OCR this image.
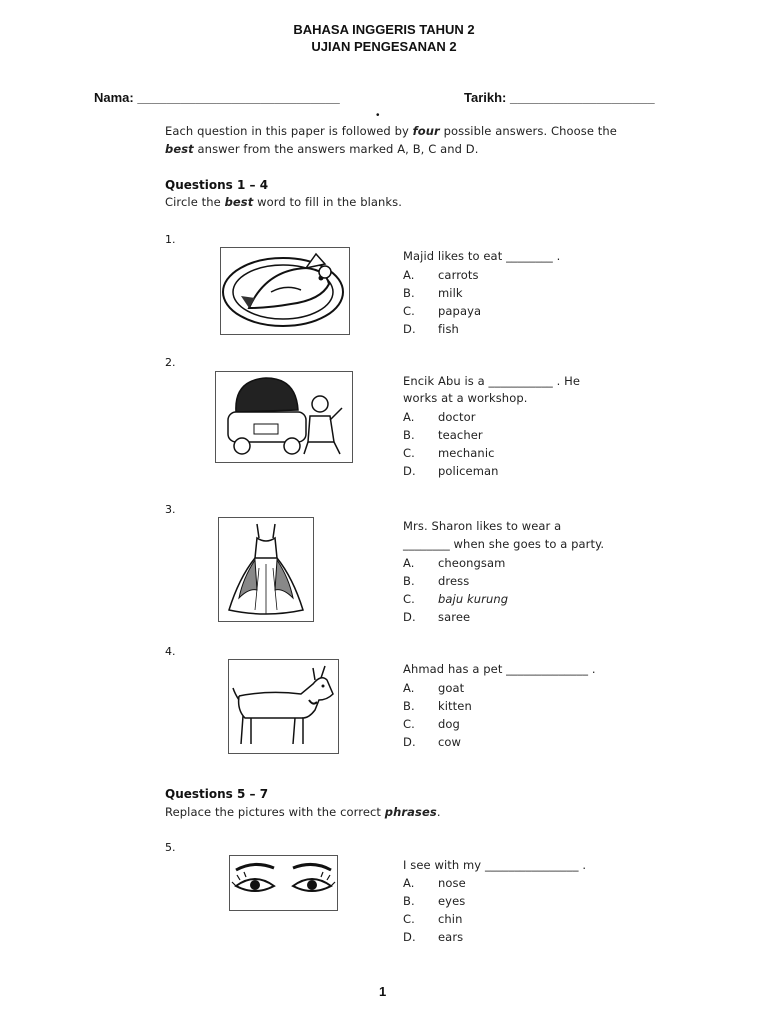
BAHASA INGGERIS TAHUN 2
UJIAN PENGESANAN 2
Nama: ____________________________	Tarikh: ____________________
•
Each question in this paper is followed by four possible answers. Choose the
best answer from the answers marked A, B, C and D.
Questions 1 – 4
Circle the best word to fill in the blanks.
1.
Majid likes to eat ________ .
A. carrots
B. milk
C. papaya
D. fish
2.
Encik Abu is a ___________ . He
works at a workshop.
A. doctor
B. teacher
C. mechanic
D. policeman
3.
Mrs. Sharon likes to wear a
________ when she goes to a party.
A. cheongsam
B. dress
C. baju kurung
D. saree
4.
Ahmad has a pet ______________ .
A. goat
B. kitten
C. dog
D. cow
Questions 5 – 7
Replace the pictures with the correct phrases.
5.
I see with my ________________ .
A. nose
B. eyes
C. chin
D. ears
1
